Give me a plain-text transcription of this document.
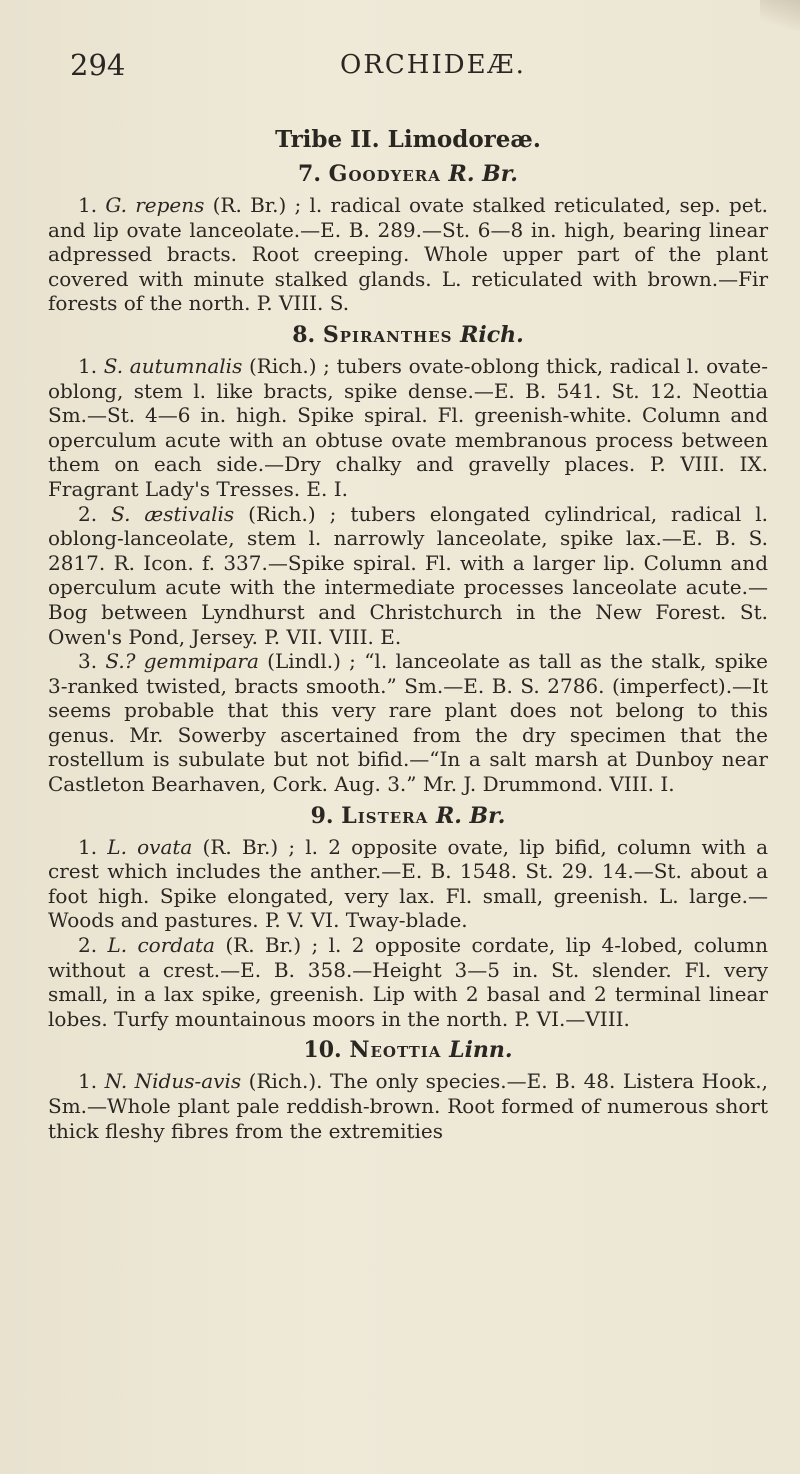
294	ORCHIDEÆ.
Tribe II. Limodoreæ.
7. Goodyera R. Br.

1. G. repens (R. Br.) ; l. radical ovate stalked reticulated, sep. pet. and lip ovate lanceolate.—E. B. 289.—St. 6—8 in. high, bearing linear adpressed bracts. Root creeping. Whole upper part of the plant covered with minute stalked glands. L. reticulated with brown.—Fir forests of the north. P. VIII. S.

8. Spiranthes Rich.

1. S. autumnalis (Rich.) ; tubers ovate-oblong thick, radical l. ovate-oblong, stem l. like bracts, spike dense.—E. B. 541. St. 12. Neottia Sm.—St. 4—6 in. high. Spike spiral. Fl. greenish-white. Column and operculum acute with an obtuse ovate membranous process between them on each side.—Dry chalky and gravelly places. P. VIII. IX. Fragrant Lady's Tresses. E. I.

2. S. æstivalis (Rich.) ; tubers elongated cylindrical, radical l. oblong-lanceolate, stem l. narrowly lanceolate, spike lax.—E. B. S. 2817. R. Icon. f. 337.—Spike spiral. Fl. with a larger lip. Column and operculum acute with the intermediate processes lanceolate acute.—Bog between Lyndhurst and Christchurch in the New Forest. St. Owen's Pond, Jersey. P. VII. VIII. E.

3. S.? gemmipara (Lindl.) ; “l. lanceolate as tall as the stalk, spike 3-ranked twisted, bracts smooth.” Sm.—E. B. S. 2786. (imperfect).—It seems probable that this very rare plant does not belong to this genus. Mr. Sowerby ascertained from the dry specimen that the rostellum is subulate but not bifid.—“In a salt marsh at Dunboy near Castleton Bearhaven, Cork. Aug. 3.” Mr. J. Drummond. VIII. I.

9. Listera R. Br.

1. L. ovata (R. Br.) ; l. 2 opposite ovate, lip bifid, column with a crest which includes the anther.—E. B. 1548. St. 29. 14.—St. about a foot high. Spike elongated, very lax. Fl. small, greenish. L. large.—Woods and pastures. P. V. VI. Tway-blade.

2. L. cordata (R. Br.) ; l. 2 opposite cordate, lip 4-lobed, column without a crest.—E. B. 358.—Height 3—5 in. St. slender. Fl. very small, in a lax spike, greenish. Lip with 2 basal and 2 terminal linear lobes. Turfy mountainous moors in the north. P. VI.—VIII.

10. Neottia Linn.

1. N. Nidus-avis (Rich.). The only species.—E. B. 48. Listera Hook., Sm.—Whole plant pale reddish-brown. Root formed of numerous short thick fleshy fibres from the extremities
